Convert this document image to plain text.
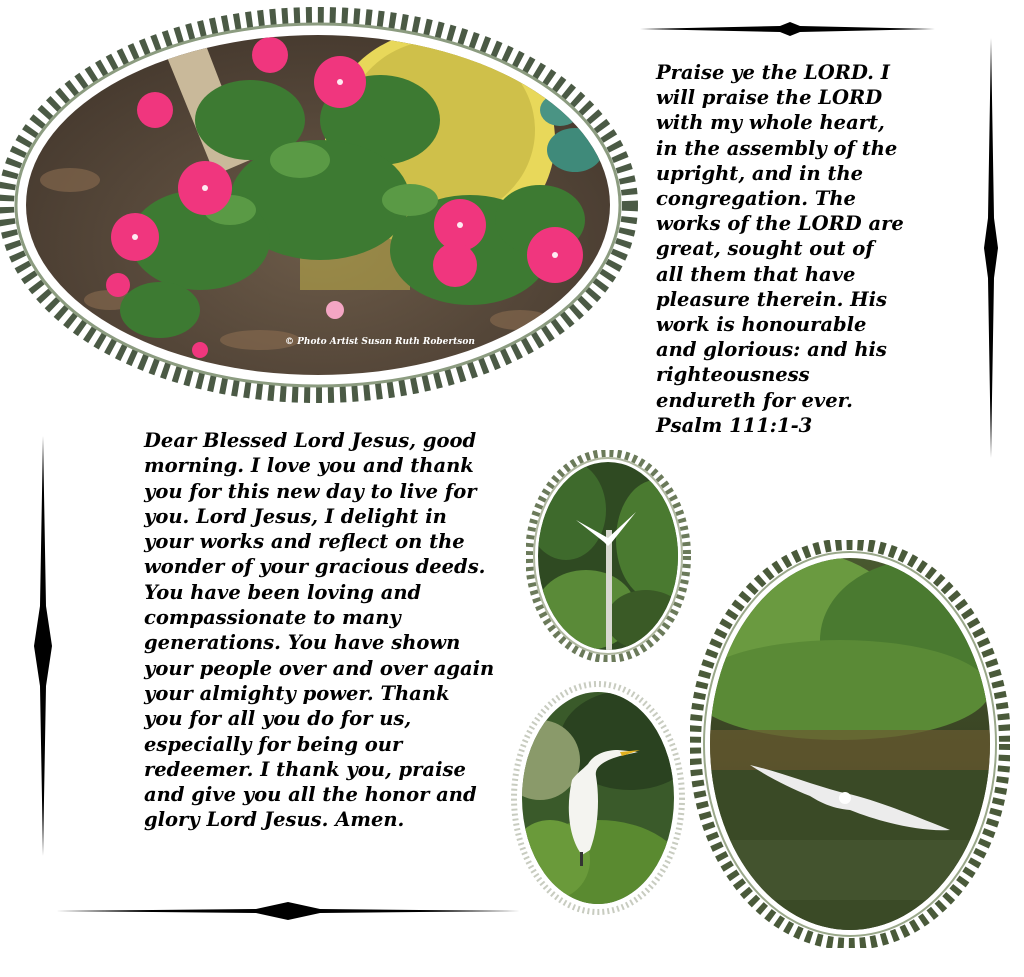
© Photo Artist Susan Ruth Robertson

Praise ye the LORD. I
will praise the LORD
with my whole heart,
in the assembly of the
upright, and in the
congregation. The
works of the LORD are
great, sought out of
all them that have
pleasure therein. His
work is honourable
and glorious: and his
righteousness
endureth for ever.
Psalm 111:1-3

Dear Blessed Lord Jesus, good
morning. I love you and thank
you for this new day to live for
you. Lord Jesus, I delight in
your works and reflect on the
wonder of your gracious deeds.
You have been loving and
compassionate to many
generations. You have shown
your people over and over again
your almighty power. Thank
you for all you do for us,
especially for being our
redeemer. I thank you, praise
and give you all the honor and
glory Lord Jesus. Amen.
